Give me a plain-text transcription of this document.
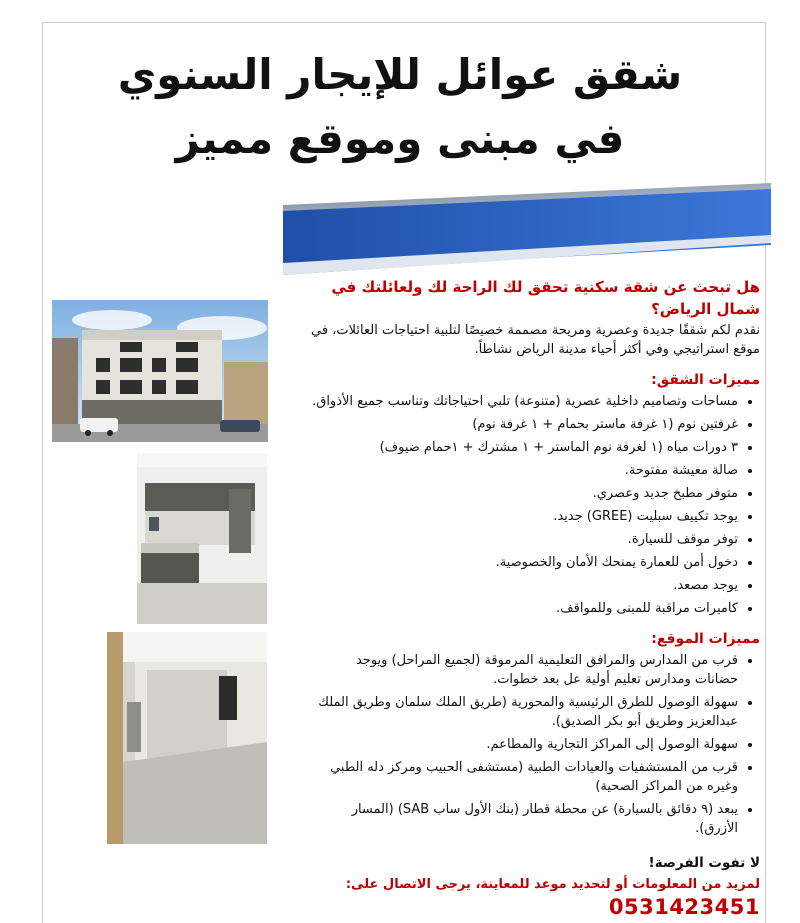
شقق عوائل للإيجار السنوي
في مبنى وموقع مميز

هل تبحث عن شقة سكنية تحقق لك الراحة لك ولعائلتك في شمال الرياض؟

نقدم لكم شققًا جديدة وعصرية ومريحة مصممة خصيصًا لتلبية احتياجات العائلات، في موقع استراتيجي وفي أكثر أحياء مدينة الرياض نشاطاً.

مميزات الشقق:
• مساحات وتصاميم داخلية عصرية (متنوعة) تلبي احتياجاتك وتناسب جميع الأذواق.
• غرفتين نوم (١ غرفة ماستر بحمام + ١ غرفة نوم)
• ٣ دورات مياه (١ لغرفة نوم الماستر + ١ مشترك + ١حمام ضيوف)
• صالة معيشة مفتوحة.
• متوفر مطبخ جديد وعصري.
• يوجد تكييف سبليت (GREE) جديد.
• توفر موقف للسيارة.
• دخول أمن للعمارة يمنحك الأمان والخصوصية.
• يوجد مصعد.
• كاميرات مراقبة للمبنى وللمواقف.
مميزات الموقع:
• قرب من المدارس والمرافق التعليمية المرموقة (لجميع المراحل) ويوجد حضانات ومدارس تعليم أولية عل بعد خطوات.
• سهولة الوصول للطرق الرئيسية والمحورية (طريق الملك سلمان وطريق الملك عبدالعزيز وطريق أبو بكر الصديق).
• سهولة الوصول إلى المراكز التجارية والمطاعم.
• قرب من المستشفيات والعيادات الطبية (مستشفى الحبيب ومركز دله الطبي وغيره من المراكز الصحية)
• يبعد (٩ دقائق بالسيارة) عن محطة قطار (بنك الأول ساب SAB) (المسار الأزرق).

لا تفوت الفرصة!

لمزيد من المعلومات أو لتحديد موعد للمعاينة، يرجى الاتصال على:

0531423451
